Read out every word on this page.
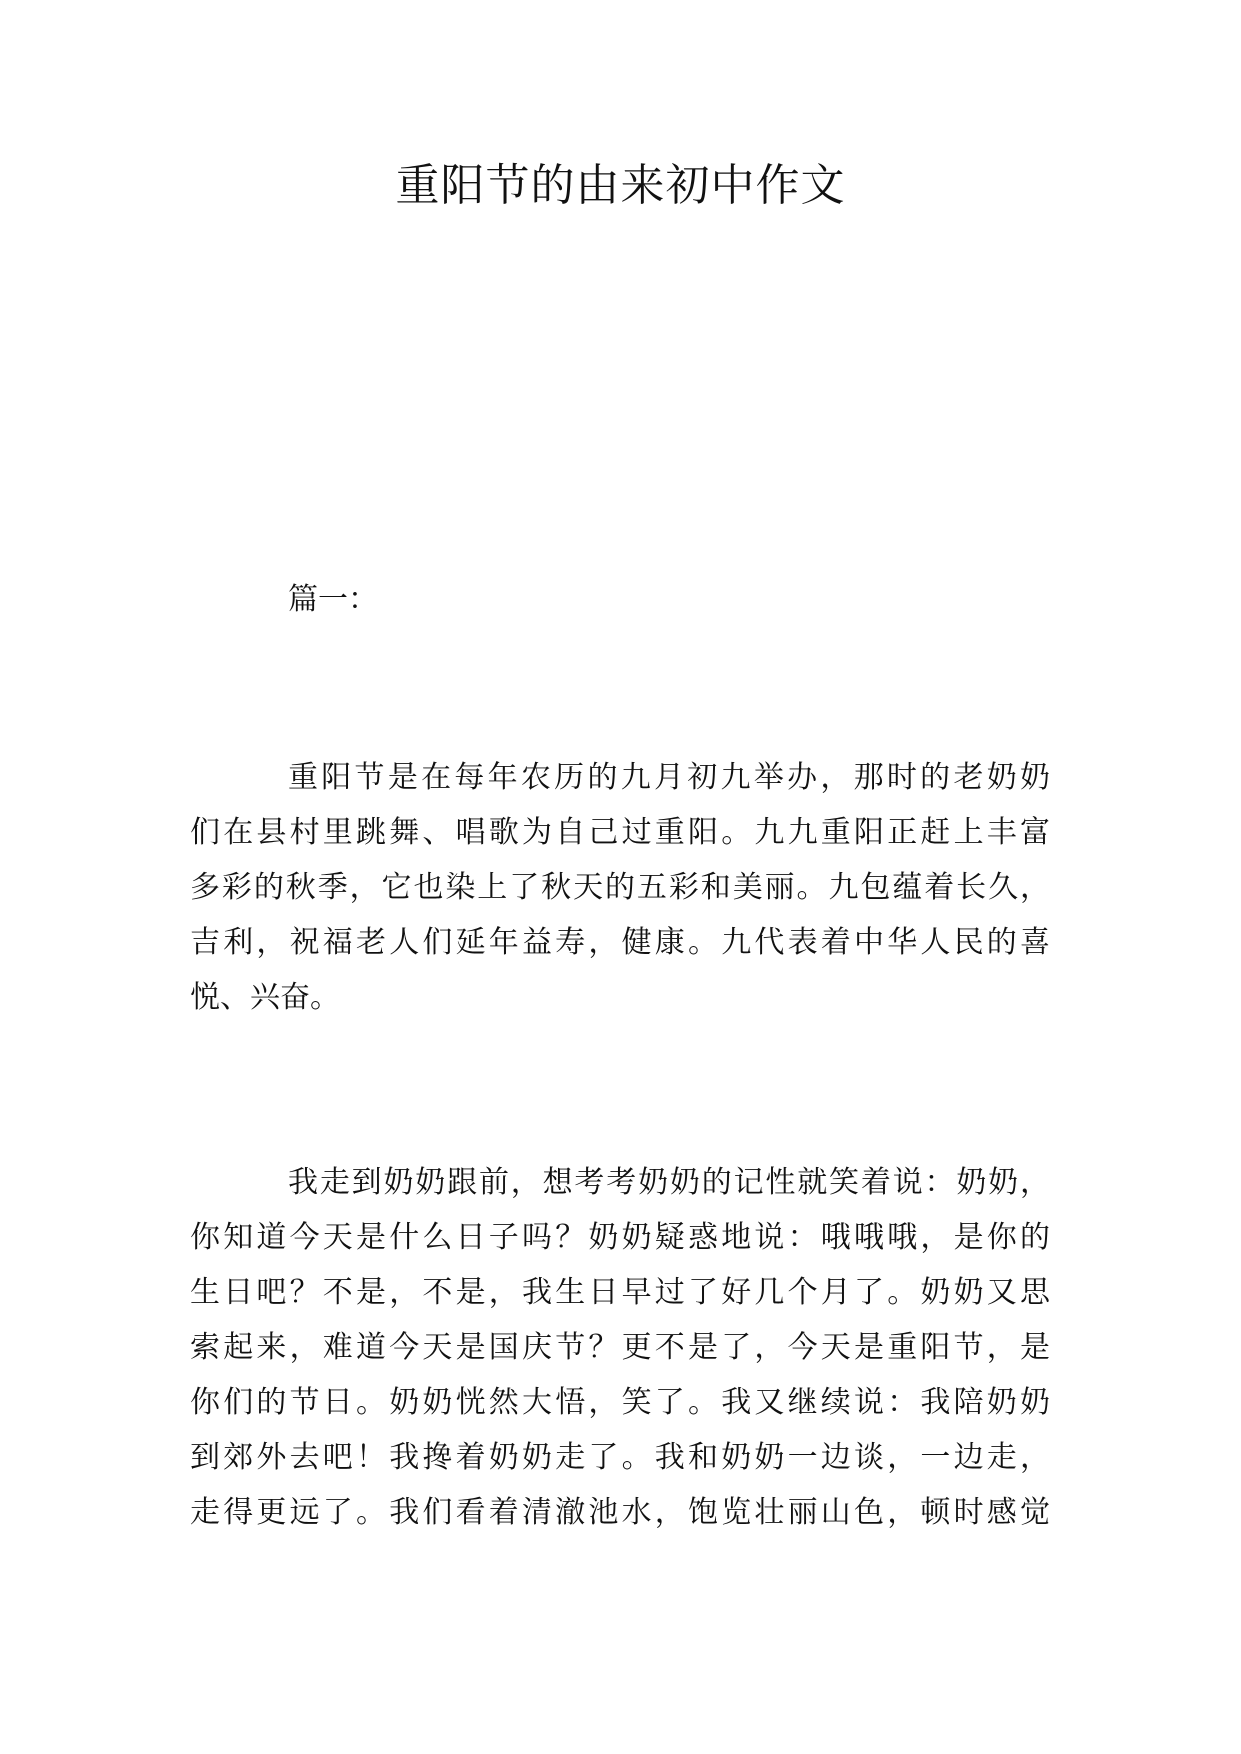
重阳节的由来初中作文

篇一：

重阳节是在每年农历的九月初九举办，那时的老奶奶
们在县村里跳舞、唱歌为自己过重阳。九九重阳正赶上丰富
多彩的秋季，它也染上了秋天的五彩和美丽。九包蕴着长久，
吉利，祝福老人们延年益寿，健康。九代表着中华人民的喜
悦、兴奋。

我走到奶奶跟前，想考考奶奶的记性就笑着说：奶奶，
你知道今天是什么日子吗？奶奶疑惑地说：哦哦哦，是你的
生日吧？不是，不是，我生日早过了好几个月了。奶奶又思
索起来，难道今天是国庆节？更不是了，今天是重阳节，是
你们的节日。奶奶恍然大悟，笑了。我又继续说：我陪奶奶
到郊外去吧！我搀着奶奶走了。我和奶奶一边谈，一边走，
走得更远了。我们看着清澈池水，饱览壮丽山色，顿时感觉
